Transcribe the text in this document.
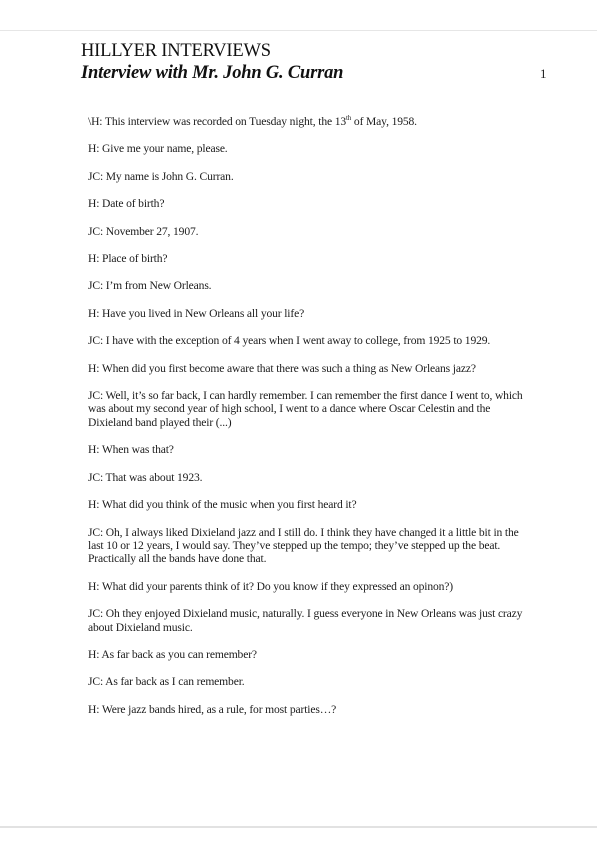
HILLYER INTERVIEWS
Interview with Mr. John G. Curran	1

\H: This interview was recorded on Tuesday night, the 13th of May, 1958.

H: Give me your name, please.

JC: My name is John G. Curran.

H: Date of birth?

JC: November 27, 1907.

H: Place of birth?

JC: I’m from New Orleans.

H: Have you lived in New Orleans all your life?

JC: I have with the exception of 4 years when I went away to college, from 1925 to 1929.

H: When did you first become aware that there was such a thing as New Orleans jazz?

JC: Well, it’s so far back, I can hardly remember. I can remember the first dance I went to, which was about my second year of high school, I went to a dance where Oscar Celestin and the Dixieland band played their (...)

H: When was that?

JC: That was about 1923.

H: What did you think of the music when you first heard it?

JC: Oh, I always liked Dixieland jazz and I still do. I think they have changed it a little bit in the last 10 or 12 years, I would say. They’ve stepped up the tempo; they’ve stepped up the beat. Practically all the bands have done that.

H: What did your parents think of it? Do you know if they expressed an opinon?)

JC: Oh they enjoyed Dixieland music, naturally. I guess everyone in New Orleans was just crazy about Dixieland music.

H: As far back as you can remember?

JC: As far back as I can remember.

H: Were jazz bands hired, as a rule, for most parties…?
